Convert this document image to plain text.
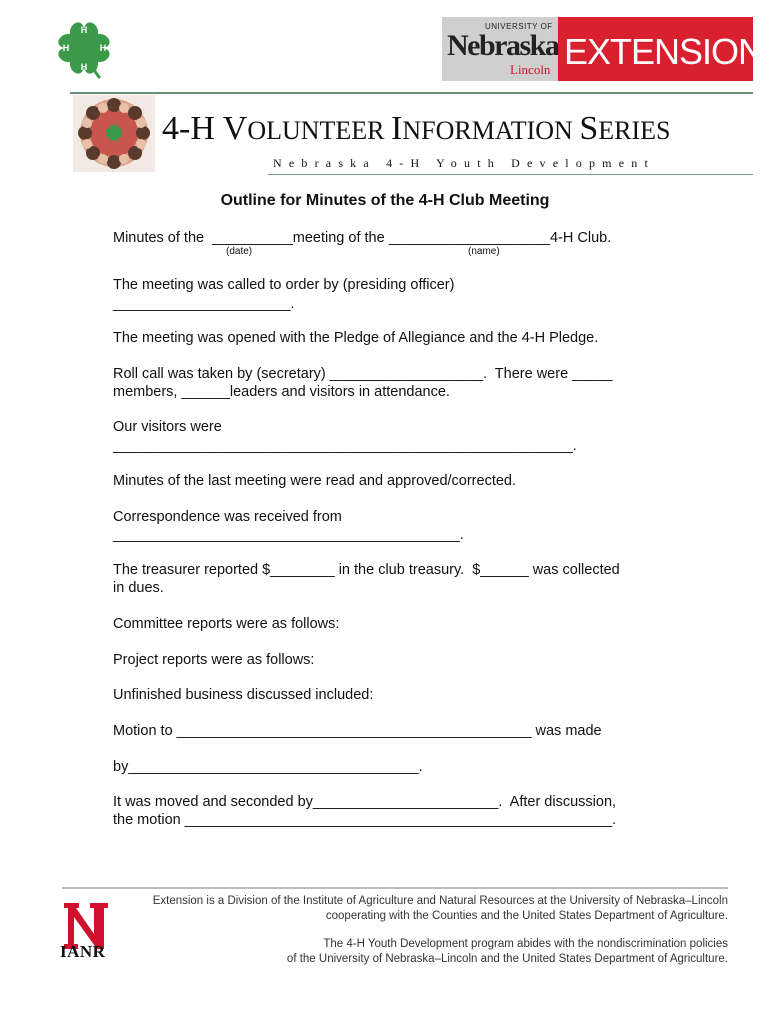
H
H
H
H
UNIVERSITY OF
Nebraska
Lincoln EXTENSION
4-H VOLUNTEER INFORMATION SERIES
Nebraska 4-H Youth Development
Outline for Minutes of the 4-H Club Meeting
Minutes of the  __________meeting of the ____________________4-H Club.
(date)	(name)
The meeting was called to order by (presiding officer)
______________________.
The meeting was opened with the Pledge of Allegiance and the 4-H Pledge.
Roll call was taken by (secretary) ___________________.  There were _____
members, ______leaders and visitors in attendance.
Our visitors were
_________________________________________________________.
Minutes of the last meeting were read and approved/corrected.
Correspondence was received from
___________________________________________.
The treasurer reported $________ in the club treasury.  $______ was collected
in dues.
Committee reports were as follows:
Project reports were as follows:
Unfinished business discussed included:
Motion to ____________________________________________ was made
by____________________________________.
It was moved and seconded by_______________________.  After discussion,
the motion _____________________________________________________.
IANR
Extension is a Division of the Institute of Agriculture and Natural Resources at the University of Nebraska–Lincoln
cooperating with the Counties and the United States Department of Agriculture.
The 4-H Youth Development program abides with the nondiscrimination policies
of the University of Nebraska–Lincoln and the United States Department of Agriculture.
